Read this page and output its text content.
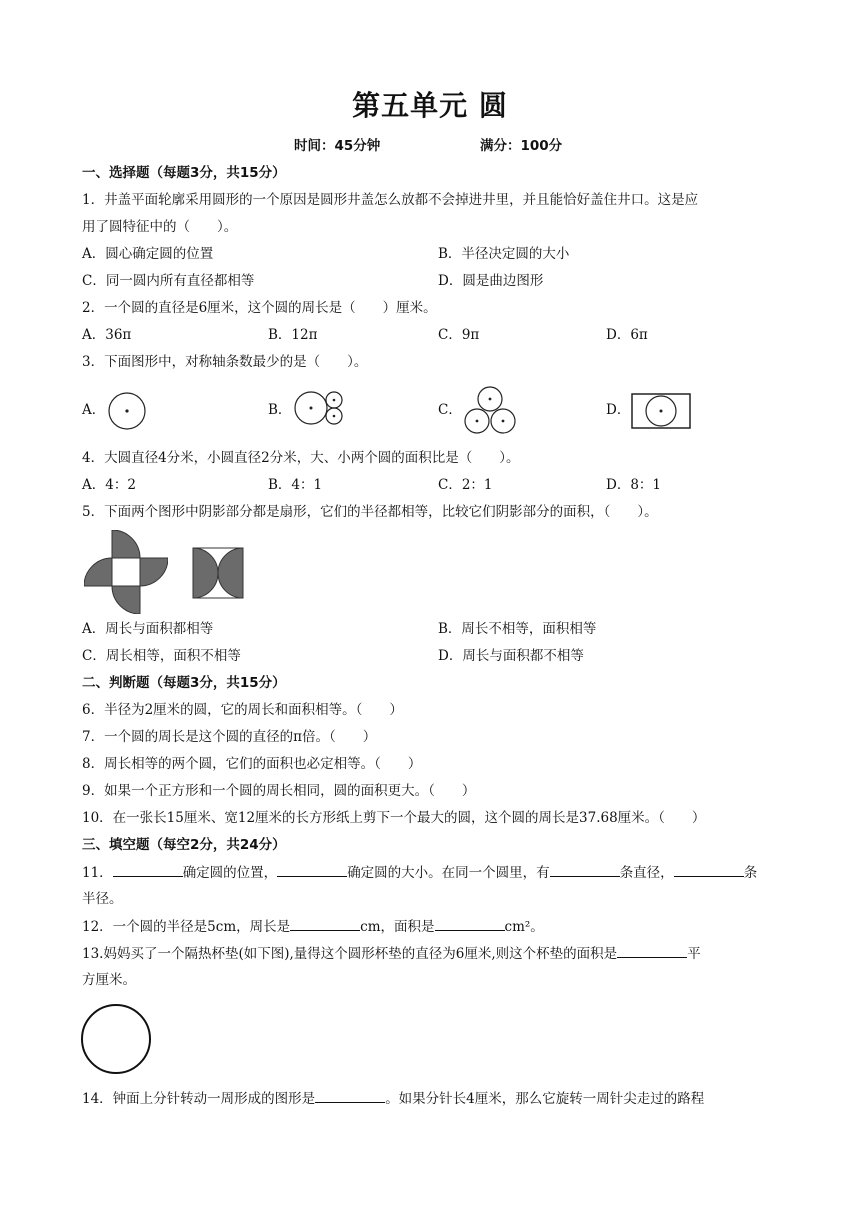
第五单元 圆
时间：45分钟	满分：100分
一、选择题（每题3分，共15分）
1．井盖平面轮廓采用圆形的一个原因是圆形井盖怎么放都不会掉进井里，并且能恰好盖住井口。这是应
用了圆特征中的（　　）。
A．圆心确定圆的位置	B．半径决定圆的大小
C．同一圆内所有直径都相等	D．圆是曲边图形
2．一个圆的直径是6厘米，这个圆的周长是（　　）厘米。
A．36π	B．12π	C．9π	D．6π
3．下面图形中，对称轴条数最少的是（　　）。
A．	B．	C．	D．
4．大圆直径4分米，小圆直径2分米，大、小两个圆的面积比是（　　）。
A．4：2	B．4：1	C．2：1	D．8：1
5．下面两个图形中阴影部分都是扇形，它们的半径都相等，比较它们阴影部分的面积，（　　）。
A．周长与面积都相等	B．周长不相等，面积相等
C．周长相等，面积不相等	D．周长与面积都不相等
二、判断题（每题3分，共15分）
6．半径为2厘米的圆，它的周长和面积相等。（　　）
7．一个圆的周长是这个圆的直径的π倍。（　　）
8．周长相等的两个圆，它们的面积也必定相等。（　　）
9．如果一个正方形和一个圆的周长相同，圆的面积更大。（　　）
10．在一张长15厘米、宽12厘米的长方形纸上剪下一个最大的圆，这个圆的周长是37.68厘米。（　　）
三、填空题（每空2分，共24分）
11．	确定圆的位置，	确定圆的大小。在同一个圆里，有	条直径，	条
半径。
12．一个圆的半径是5cm，周长是	cm，面积是	cm²。
13.妈妈买了一个隔热杯垫(如下图),量得这个圆形杯垫的直径为6厘米,则这个杯垫的面积是	平
方厘米。
14．钟面上分针转动一周形成的图形是	。如果分针长4厘米，那么它旋转一周针尖走过的路程
